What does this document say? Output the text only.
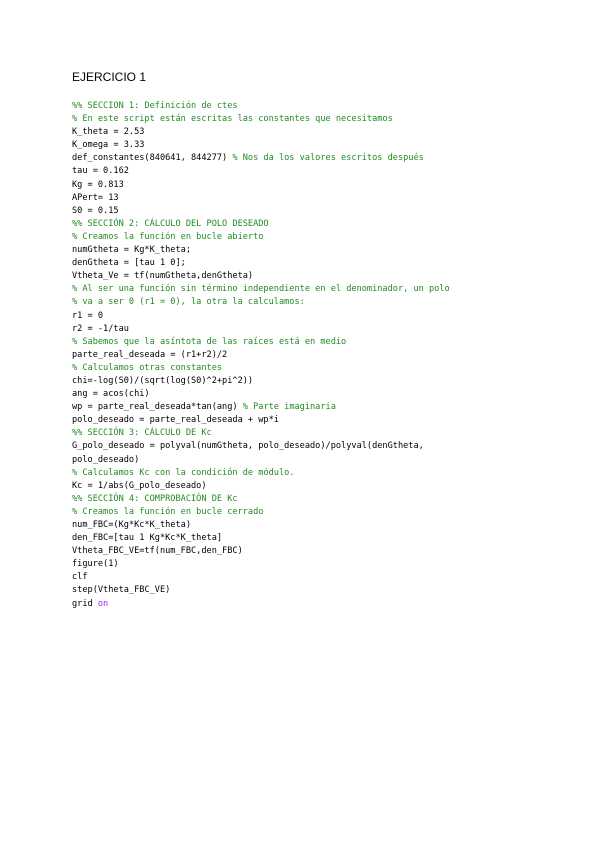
EJERCICIO 1
%% SECCION 1: Definición de ctes
% En este script están escritas las constantes que necesitamos
K_theta = 2.53
K_omega = 3.33
def_constantes(840641, 844277) % Nos da los valores escritos después
tau = 0.162
Kg = 0.813
APert= 13
S0 = 0.15
%% SECCIÓN 2: CÁLCULO DEL POLO DESEADO
% Creamos la función en bucle abierto
numGtheta = Kg*K_theta;
denGtheta = [tau 1 0];
Vtheta_Ve = tf(numGtheta,denGtheta)
% Al ser una función sin término independiente en el denominador, un polo
% va a ser 0 (r1 = 0), la otra la calculamos:
r1 = 0
r2 = -1/tau
% Sabemos que la asíntota de las raíces está en medio
parte_real_deseada = (r1+r2)/2
% Calculamos otras constantes
chi=-log(S0)/(sqrt(log(S0)^2+pi^2))
ang = acos(chi)
wp = parte_real_deseada*tan(ang) % Parte imaginaria
polo_deseado = parte_real_deseada + wp*i
%% SECCIÓN 3: CÁLCULO DE Kc
G_polo_deseado = polyval(numGtheta, polo_deseado)/polyval(denGtheta,
polo_deseado)
% Calculamos Kc con la condición de módulo.
Kc = 1/abs(G_polo_deseado)
%% SECCIÓN 4: COMPROBACIÓN DE Kc
% Creamos la función en bucle cerrado
num_FBC=(Kg*Kc*K_theta)
den_FBC=[tau 1 Kg*Kc*K_theta]
Vtheta_FBC_VE=tf(num_FBC,den_FBC)
figure(1)
clf
step(Vtheta_FBC_VE)
grid on
